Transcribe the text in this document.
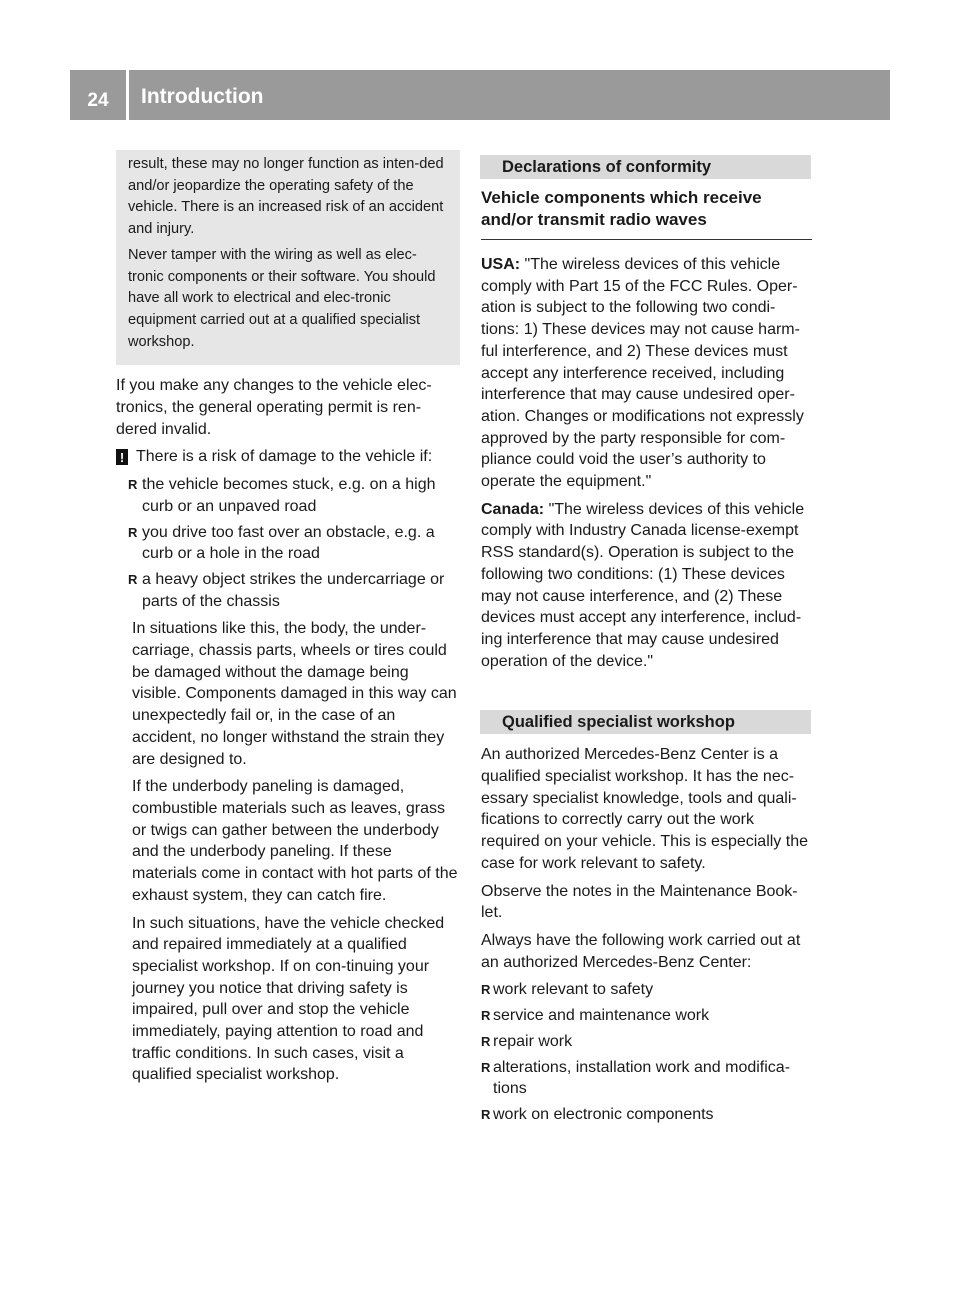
24	Introduction

result, these may no longer function as inten-ded and/or jeopardize the operating safety of the vehicle. There is an increased risk of an accident and injury.

Never tamper with the wiring as well as elec-tronic components or their software. You should have all work to electrical and elec-tronic equipment carried out at a qualified specialist workshop.

If you make any changes to the vehicle elec-tronics, the general operating permit is ren-dered invalid.

! There is a risk of damage to the vehicle if:

R the vehicle becomes stuck, e.g. on a high curb or an unpaved road
R you drive too fast over an obstacle, e.g. a curb or a hole in the road
R a heavy object strikes the undercarriage or parts of the chassis

In situations like this, the body, the under-carriage, chassis parts, wheels or tires could be damaged without the damage being visible. Components damaged in this way can unexpectedly fail or, in the case of an accident, no longer withstand the strain they are designed to.

If the underbody paneling is damaged, combustible materials such as leaves, grass or twigs can gather between the underbody and the underbody paneling. If these materials come in contact with hot parts of the exhaust system, they can catch fire.

In such situations, have the vehicle checked and repaired immediately at a qualified specialist workshop. If on con-tinuing your journey you notice that driving safety is impaired, pull over and stop the vehicle immediately, paying attention to road and traffic conditions. In such cases, visit a qualified specialist workshop.

Declarations of conformity
Vehicle components which receive and/or transmit radio waves

USA: "The wireless devices of this vehicle comply with Part 15 of the FCC Rules. Oper-ation is subject to the following two condi-tions: 1) These devices may not cause harm-ful interference, and 2) These devices must accept any interference received, including interference that may cause undesired oper-ation. Changes or modifications not expressly approved by the party responsible for com-pliance could void the user’s authority to operate the equipment."

Canada: "The wireless devices of this vehicle comply with Industry Canada license-exempt RSS standard(s). Operation is subject to the following two conditions: (1) These devices may not cause interference, and (2) These devices must accept any interference, includ-ing interference that may cause undesired operation of the device."

Qualified specialist workshop

An authorized Mercedes-Benz Center is a qualified specialist workshop. It has the nec-essary specialist knowledge, tools and quali-fications to correctly carry out the work required on your vehicle. This is especially the case for work relevant to safety.

Observe the notes in the Maintenance Book-let.

Always have the following work carried out at an authorized Mercedes-Benz Center:

R work relevant to safety
R service and maintenance work
R repair work
R alterations, installation work and modifica-tions
R work on electronic components
